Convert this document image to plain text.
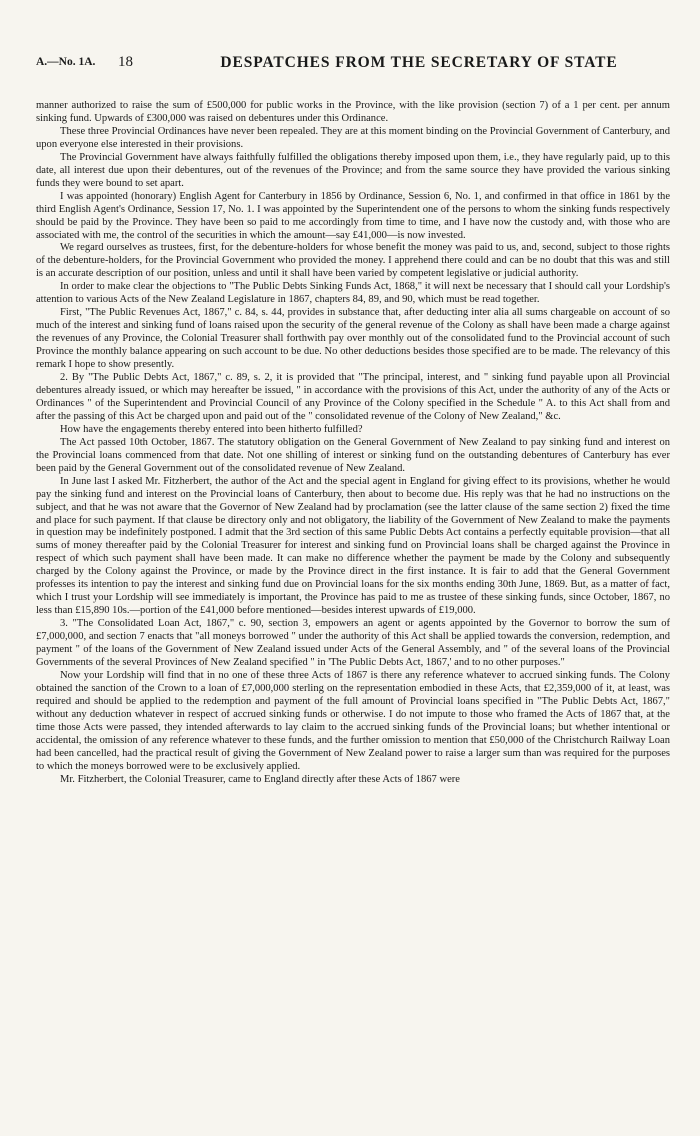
A.—No. 1A. 18	DESPATCHES FROM THE SECRETARY OF STATE

manner authorized to raise the sum of £500,000 for public works in the Province, with the like provision (section 7) of a 1 per cent. per annum sinking fund. Upwards of £300,000 was raised on debentures under this Ordinance.

These three Provincial Ordinances have never been repealed. They are at this moment binding on the Provincial Government of Canterbury, and upon everyone else interested in their provisions.

The Provincial Government have always faithfully fulfilled the obligations thereby imposed upon them, i.e., they have regularly paid, up to this date, all interest due upon their debentures, out of the revenues of the Province; and from the same source they have provided the various sinking funds they were bound to set apart.

I was appointed (honorary) English Agent for Canterbury in 1856 by Ordinance, Session 6, No. 1, and confirmed in that office in 1861 by the third English Agent's Ordinance, Session 17, No. 1. I was appointed by the Superintendent one of the persons to whom the sinking funds respectively should be paid by the Province. They have been so paid to me accordingly from time to time, and I have now the custody and, with those who are associated with me, the control of the securities in which the amount—say £41,000—is now invested.

We regard ourselves as trustees, first, for the debenture-holders for whose benefit the money was paid to us, and, second, subject to those rights of the debenture-holders, for the Provincial Government who provided the money. I apprehend there could and can be no doubt that this was and still is an accurate description of our position, unless and until it shall have been varied by competent legislative or judicial authority.

In order to make clear the objections to "The Public Debts Sinking Funds Act, 1868," it will next be necessary that I should call your Lordship's attention to various Acts of the New Zealand Legislature in 1867, chapters 84, 89, and 90, which must be read together.

First, "The Public Revenues Act, 1867," c. 84, s. 44, provides in substance that, after deducting inter alia all sums chargeable on account of so much of the interest and sinking fund of loans raised upon the security of the general revenue of the Colony as shall have been made a charge against the revenues of any Province, the Colonial Treasurer shall forthwith pay over monthly out of the consolidated fund to the Provincial account of such Province the monthly balance appearing on such account to be due. No other deductions besides those specified are to be made. The relevancy of this remark I hope to show presently.

2. By "The Public Debts Act, 1867," c. 89, s. 2, it is provided that "The principal, interest, and " sinking fund payable upon all Provincial debentures already issued, or which may hereafter be issued, " in accordance with the provisions of this Act, under the authority of any of the Acts or Ordinances " of the Superintendent and Provincial Council of any Province of the Colony specified in the Schedule " A. to this Act shall from and after the passing of this Act be charged upon and paid out of the " consolidated revenue of the Colony of New Zealand," &c.

How have the engagements thereby entered into been hitherto fulfilled?

The Act passed 10th October, 1867. The statutory obligation on the General Government of New Zealand to pay sinking fund and interest on the Provincial loans commenced from that date. Not one shilling of interest or sinking fund on the outstanding debentures of Canterbury has ever been paid by the General Government out of the consolidated revenue of New Zealand.

In June last I asked Mr. Fitzherbert, the author of the Act and the special agent in England for giving effect to its provisions, whether he would pay the sinking fund and interest on the Provincial loans of Canterbury, then about to become due. His reply was that he had no instructions on the subject, and that he was not aware that the Governor of New Zealand had by proclamation (see the latter clause of the same section 2) fixed the time and place for such payment. If that clause be directory only and not obligatory, the liability of the Government of New Zealand to make the payments in question may be indefinitely postponed. I admit that the 3rd section of this same Public Debts Act contains a perfectly equitable provision—that all sums of money thereafter paid by the Colonial Treasurer for interest and sinking fund on Provincial loans shall be charged against the Province in respect of which such payment shall have been made. It can make no difference whether the payment be made by the Colony and subsequently charged by the Colony against the Province, or made by the Province direct in the first instance. It is fair to add that the General Government professes its intention to pay the interest and sinking fund due on Provincial loans for the six months ending 30th June, 1869. But, as a matter of fact, which I trust your Lordship will see immediately is important, the Province has paid to me as trustee of these sinking funds, since October, 1867, no less than £15,890 10s.—portion of the £41,000 before mentioned—besides interest upwards of £19,000.

3. "The Consolidated Loan Act, 1867," c. 90, section 3, empowers an agent or agents appointed by the Governor to borrow the sum of £7,000,000, and section 7 enacts that "all moneys borrowed " under the authority of this Act shall be applied towards the conversion, redemption, and payment " of the loans of the Government of New Zealand issued under Acts of the General Assembly, and " of the several loans of the Provincial Governments of the several Provinces of New Zealand specified " in 'The Public Debts Act, 1867,' and to no other purposes."

Now your Lordship will find that in no one of these three Acts of 1867 is there any reference whatever to accrued sinking funds. The Colony obtained the sanction of the Crown to a loan of £7,000,000 sterling on the representation embodied in these Acts, that £2,359,000 of it, at least, was required and should be applied to the redemption and payment of the full amount of Provincial loans specified in "The Public Debts Act, 1867," without any deduction whatever in respect of accrued sinking funds or otherwise. I do not impute to those who framed the Acts of 1867 that, at the time those Acts were passed, they intended afterwards to lay claim to the accrued sinking funds of the Provincial loans; but whether intentional or accidental, the omission of any reference whatever to these funds, and the further omission to mention that £50,000 of the Christchurch Railway Loan had been cancelled, had the practical result of giving the Government of New Zealand power to raise a larger sum than was required for the purposes to which the moneys borrowed were to be exclusively applied.

Mr. Fitzherbert, the Colonial Treasurer, came to England directly after these Acts of 1867 were
